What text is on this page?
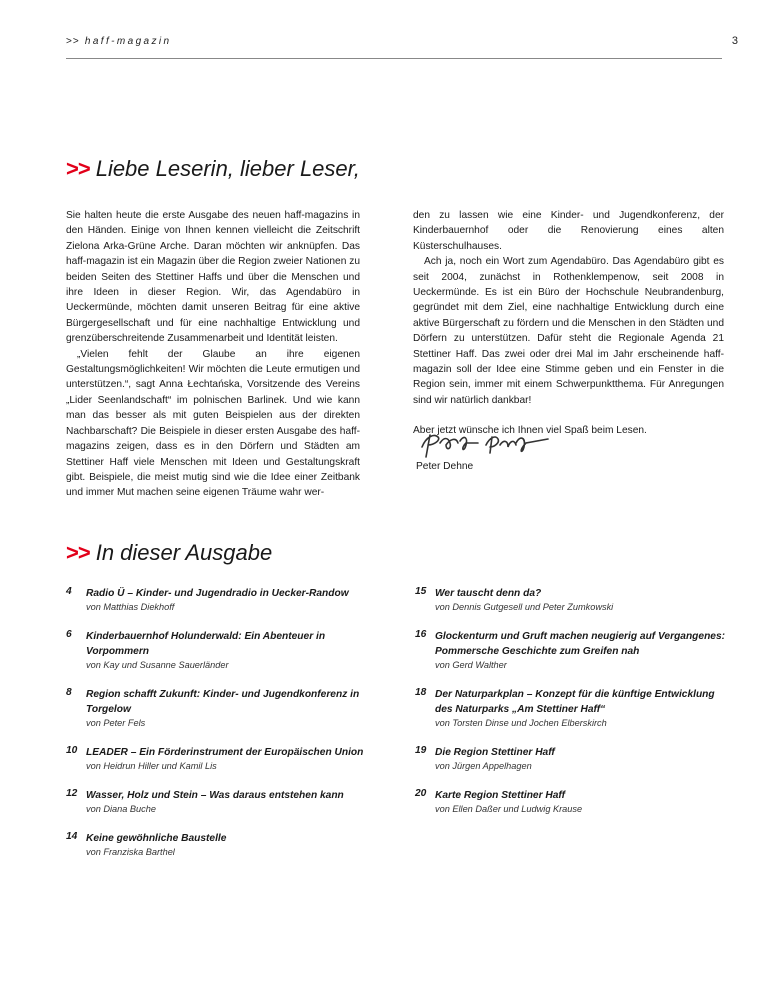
>> haff-magazin	3
>> Liebe Leserin, lieber Leser,

Sie halten heute die erste Ausgabe des neuen haff-magazins in den Händen. Einige von Ihnen kennen vielleicht die Zeitschrift Zielona Arka-Grüne Arche. Daran möchten wir anknüpfen. Das haff-magazin ist ein Magazin über die Region zweier Nationen zu beiden Seiten des Stettiner Haffs und über die Menschen und ihre Ideen in dieser Region. Wir, das Agendabüro in Ueckermünde, möchten damit unseren Beitrag für eine aktive Bürgergesellschaft und für eine nachhaltige Entwicklung und grenzüberschreitende Zusammenarbeit und Identität leisten.

„Vielen fehlt der Glaube an ihre eigenen Gestaltungsmöglichkeiten! Wir möchten die Leute ermutigen und unterstützen.“, sagt Anna Łechtańska, Vorsitzende des Vereins „Lider Seenlandschaft“ im polnischen Barlinek. Und wie kann man das besser als mit guten Beispielen aus der direkten Nachbarschaft? Die Beispiele in dieser ersten Ausgabe des haff-magazins zeigen, dass es in den Dörfern und Städten am Stettiner Haff viele Menschen mit Ideen und Gestaltungskraft gibt. Beispiele, die meist mutig sind wie die Idee einer Zeitbank und immer Mut machen seine eigenen Träume wahr wer-

den zu lassen wie eine Kinder- und Jugendkonferenz, der Kinderbauernhof oder die Renovierung eines alten Küsterschulhauses.

Ach ja, noch ein Wort zum Agendabüro. Das Agendabüro gibt es seit 2004, zunächst in Rothenklempenow, seit 2008 in Ueckermünde. Es ist ein Büro der Hochschule Neubrandenburg, gegründet mit dem Ziel, eine nachhaltige Entwicklung durch eine aktive Bürgerschaft zu fördern und die Menschen in den Städten und Dörfern zu unterstützen. Dafür steht die Regionale Agenda 21 Stettiner Haff. Das zwei oder drei Mal im Jahr erscheinende haff-magazin soll der Idee eine Stimme geben und ein Fenster in die Region sein, immer mit einem Schwerpunktthema. Für Anregungen sind wir natürlich dankbar!

Aber jetzt wünsche ich Ihnen viel Spaß beim Lesen.

Peter Dehne
>> In dieser Ausgabe
4	Radio Ü – Kinder- und Jugendradio in Uecker-Randow
von Matthias Diekhoff
6	Kinderbauernhof Holunderwald: Ein Abenteuer in Vorpommern
von Kay und Susanne Sauerländer
8	Region schafft Zukunft: Kinder- und Jugendkonferenz in Torgelow
von Peter Fels
10 LEADER – Ein Förderinstrument der Europäischen Union
von Heidrun Hiller und Kamil Lis
12 Wasser, Holz und Stein – Was daraus entstehen kann
von Diana Buche
14 Keine gewöhnliche Baustelle
von Franziska Barthel
15 Wer tauscht denn da?
von Dennis Gutgesell und Peter Zumkowski
16 Glockenturm und Gruft machen neugierig auf Vergangenes: Pommersche Geschichte zum Greifen nah
von Gerd Walther
18 Der Naturparkplan – Konzept für die künftige Entwicklung des Naturparks „Am Stettiner Haff“
von Torsten Dinse und Jochen Elberskirch
19 Die Region Stettiner Haff
von Jürgen Appelhagen
20 Karte Region Stettiner Haff
von Ellen Daßer und Ludwig Krause
